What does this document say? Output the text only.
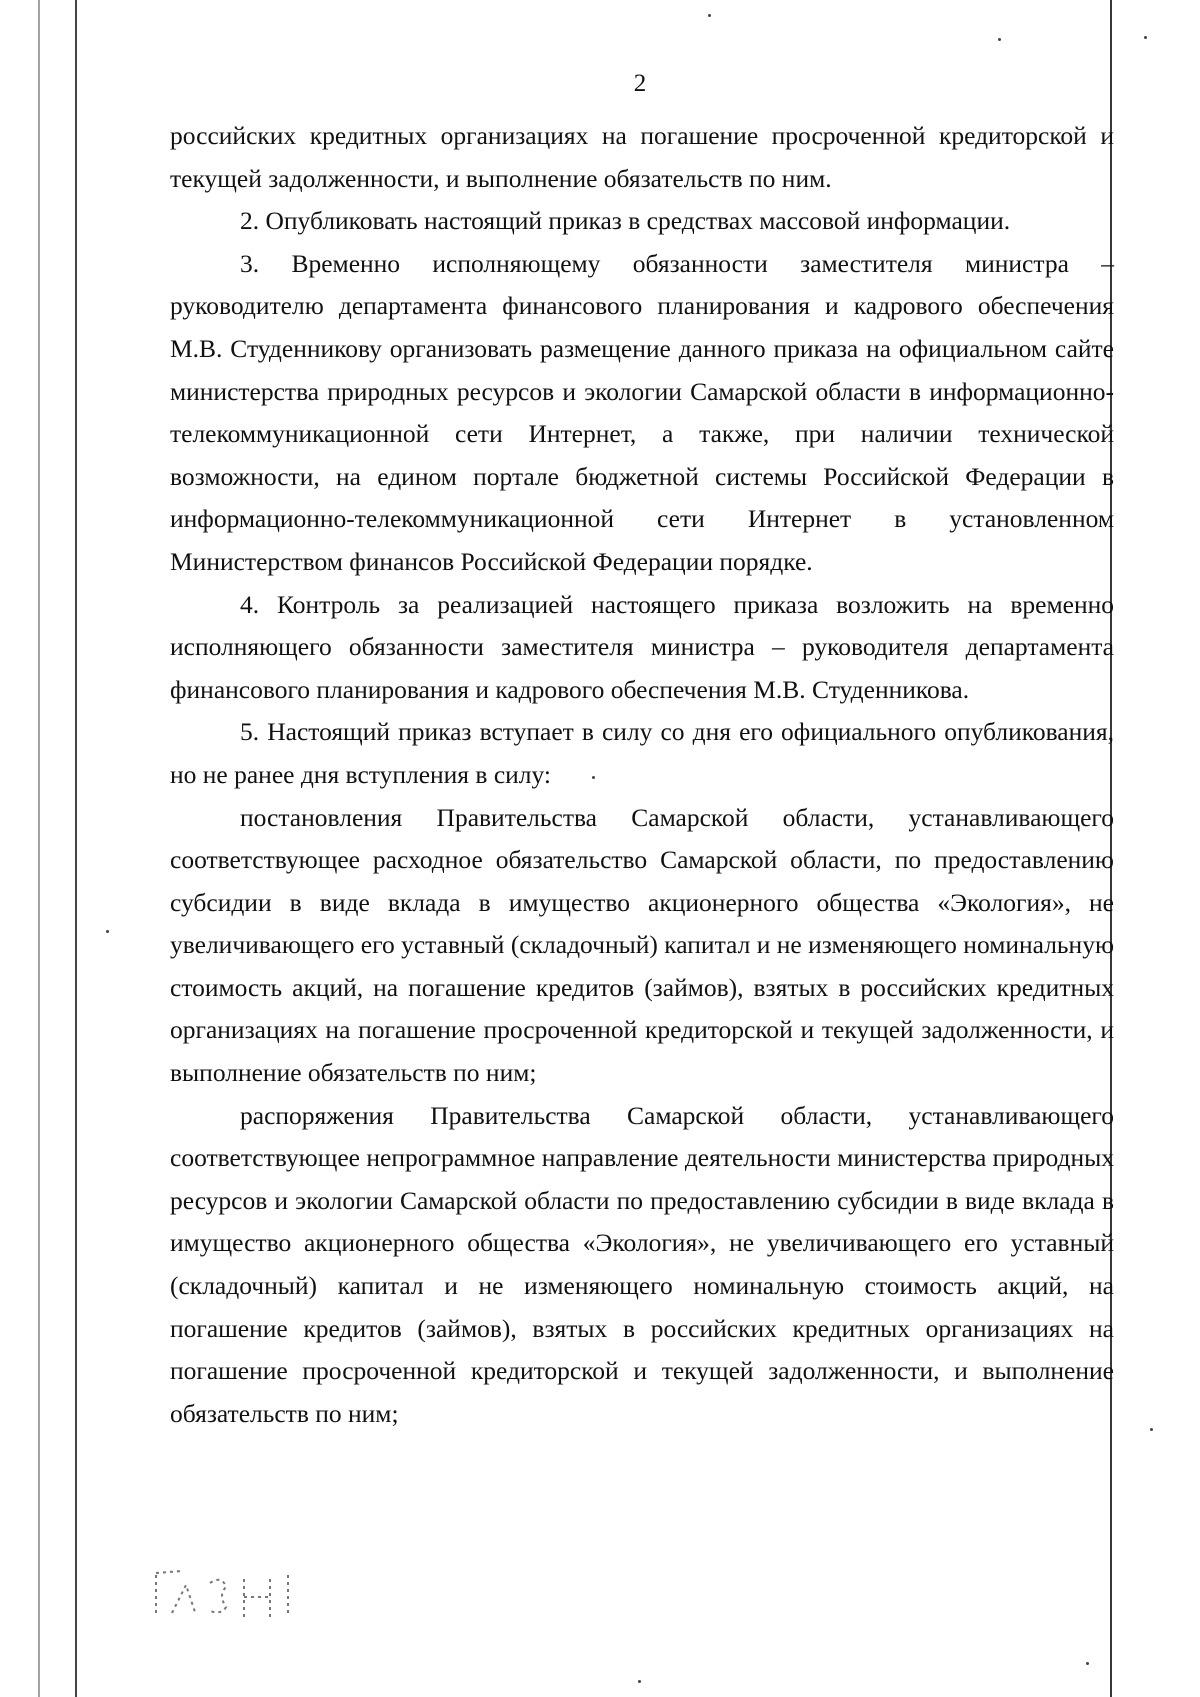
2

российских кредитных организациях на погашение просроченной кредиторской и текущей задолженности, и выполнение обязательств по ним.

2. Опубликовать настоящий приказ в средствах массовой информации.

3. Временно исполняющему обязанности заместителя министра – руководителю департамента финансового планирования и кадрового обеспечения М.В. Студенникову организовать размещение данного приказа на официальном сайте министерства природных ресурсов и экологии Самарской области в информационно-телекоммуникационной сети Интернет, а также, при наличии технической возможности, на едином портале бюджетной системы Российской Федерации в информационно-телекоммуникационной сети Интернет в установленном Министерством финансов Российской Федерации порядке.

4. Контроль за реализацией настоящего приказа возложить на временно исполняющего обязанности заместителя министра – руководителя департамента финансового планирования и кадрового обеспечения М.В. Студенникова.

5. Настоящий приказ вступает в силу со дня его официального опубликования, но не ранее дня вступления в силу:

постановления Правительства Самарской области, устанавливающего соответствующее расходное обязательство Самарской области, по предоставлению субсидии в виде вклада в имущество акционерного общества «Экология», не увеличивающего его уставный (складочный) капитал и не изменяющего номинальную стоимость акций, на погашение кредитов (займов), взятых в российских кредитных организациях на погашение просроченной кредиторской и текущей задолженности, и выполнение обязательств по ним;

распоряжения Правительства Самарской области, устанавливающего соответствующее непрограммное направление деятельности министерства природных ресурсов и экологии Самарской области по предоставлению субсидии в виде вклада в имущество акционерного общества «Экология», не увеличивающего его уставный (складочный) капитал и не изменяющего номинальную стоимость акций, на погашение кредитов (займов), взятых в российских кредитных организациях на погашение просроченной кредиторской и текущей задолженности, и выполнение обязательств по ним;
